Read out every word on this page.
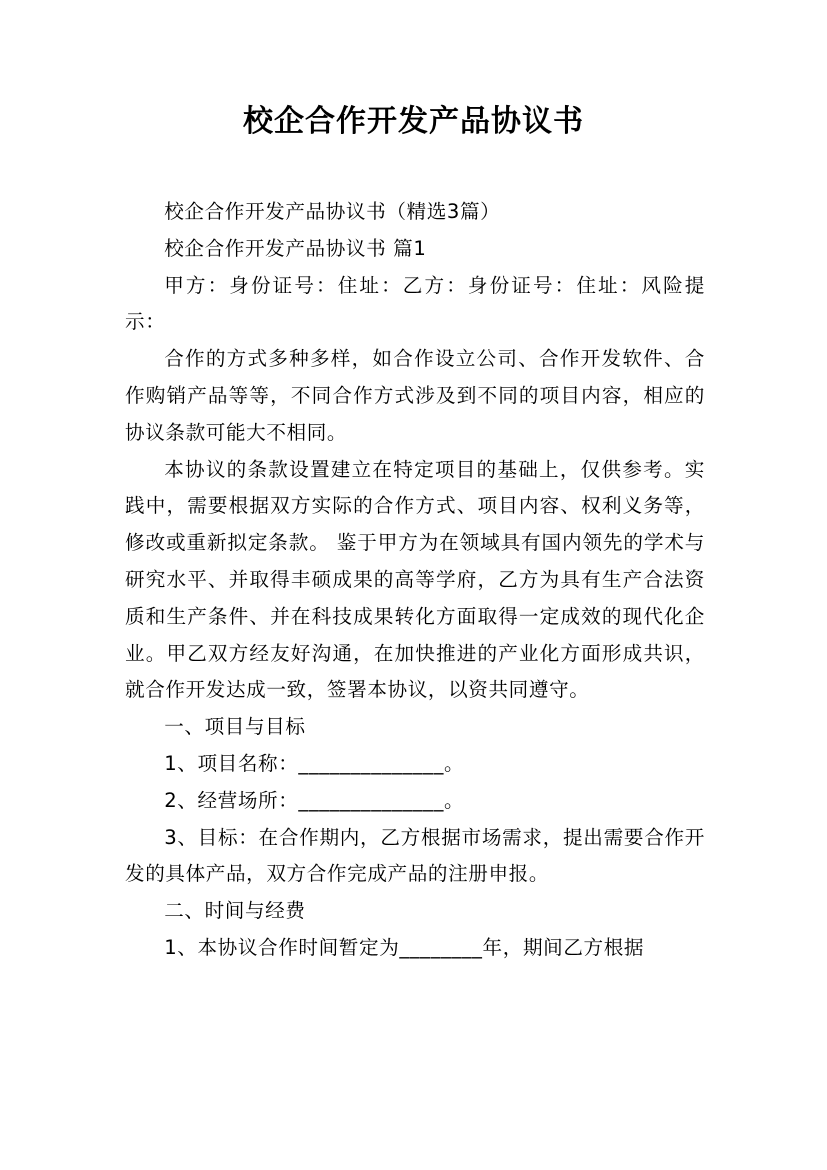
校企合作开发产品协议书

校企合作开发产品协议书（精选3篇）

校企合作开发产品协议书 篇1

甲方：身份证号：住址：乙方：身份证号：住址：风险提示：

合作的方式多种多样，如合作设立公司、合作开发软件、合作购销产品等等，不同合作方式涉及到不同的项目内容，相应的协议条款可能大不相同。

本协议的条款设置建立在特定项目的基础上，仅供参考。实践中，需要根据双方实际的合作方式、项目内容、权利义务等，修改或重新拟定条款。 鉴于甲方为在领域具有国内领先的学术与研究水平、并取得丰硕成果的高等学府，乙方为具有生产合法资质和生产条件、并在科技成果转化方面取得一定成效的现代化企业。甲乙双方经友好沟通，在加快推进的产业化方面形成共识，就合作开发达成一致，签署本协议，以资共同遵守。

一、项目与目标

1、项目名称：______________。

2、经营场所：______________。

3、目标：在合作期内，乙方根据市场需求，提出需要合作开发的具体产品，双方合作完成产品的注册申报。

二、时间与经费

1、本协议合作时间暂定为________年，期间乙方根据
